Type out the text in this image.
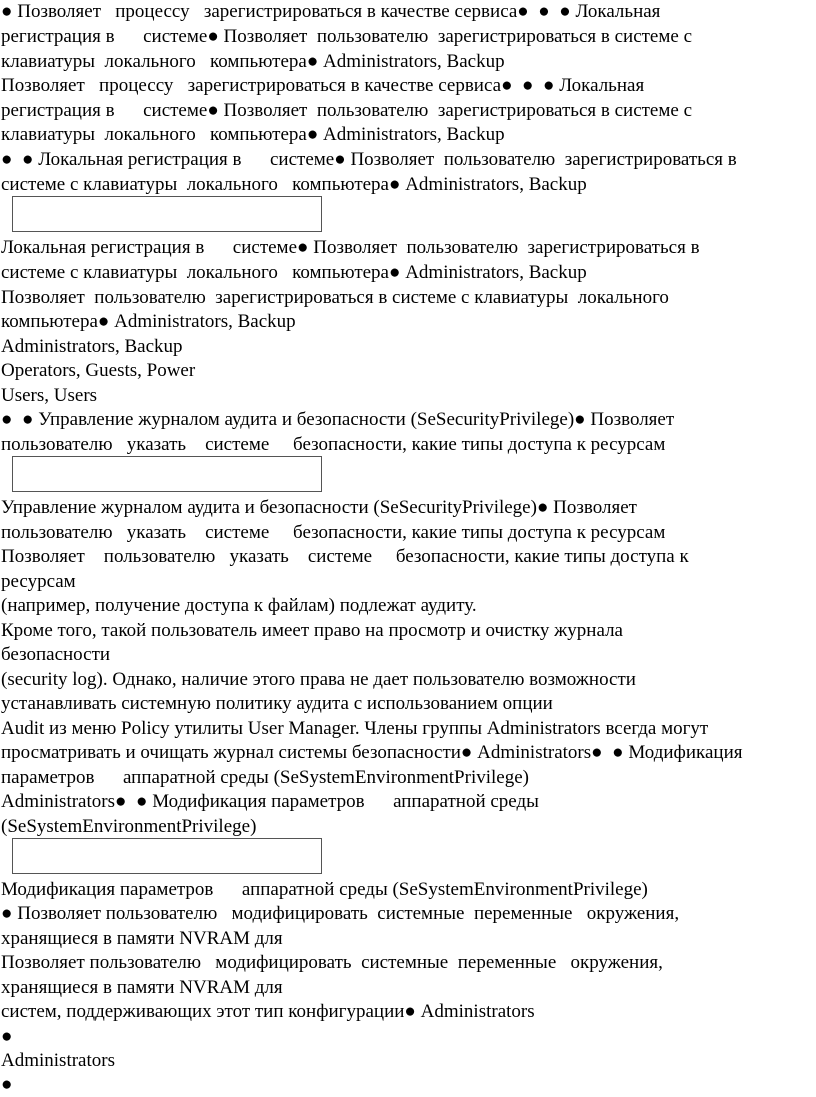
● Позволяет   процессу   зарегистрироваться в качестве сервиса●  ●  ● Локальная

регистрация в      системе● Позволяет  пользователю  зарегистрироваться в системе с

клавиатуры  локального   компьютера● Administrators, Backup

Позволяет   процессу   зарегистрироваться в качестве сервиса●  ●  ● Локальная

регистрация в      системе● Позволяет  пользователю  зарегистрироваться в системе с

клавиатуры  локального   компьютера● Administrators, Backup

●  ● Локальная регистрация в      системе● Позволяет  пользователю  зарегистрироваться в

системе с клавиатуры  локального   компьютера● Administrators, Backup

Локальная регистрация в      системе● Позволяет  пользователю  зарегистрироваться в

системе с клавиатуры  локального   компьютера● Administrators, Backup

Позволяет  пользователю  зарегистрироваться в системе с клавиатуры  локального

компьютера● Administrators, Backup

Administrators, Backup

Operators, Guests, Power

Users, Users

●  ● Управление журналом аудита и безопасности (SeSecurityPrivilege)● Позволяет

пользователю   указать    системе     безопасности, какие типы доступа к ресурсам

Управление журналом аудита и безопасности (SeSecurityPrivilege)● Позволяет

пользователю   указать    системе     безопасности, какие типы доступа к ресурсам

Позволяет    пользователю   указать    системе     безопасности, какие типы доступа к

ресурсам

(например, получение доступа к файлам) подлежат аудиту.

Кроме того, такой пользователь имеет право на просмотр и очистку журнала

безопасности

(security log). Однако, наличие этого права не дает пользователю возможности

устанавливать системную политику аудита с использованием опции

Audit из меню Policy утилиты User Manager. Члены группы Administrators всегда могут

просматривать и очищать журнал системы безопасности● Administrators●  ● Модификация

параметров      аппаратной среды (SeSystemEnvironmentPrivilege)

Administrators●  ● Модификация параметров      аппаратной среды

(SeSystemEnvironmentPrivilege)

Модификация параметров      аппаратной среды (SeSystemEnvironmentPrivilege)

● Позволяет пользователю   модифицировать  системные  переменные   окружения,

хранящиеся в памяти NVRAM для

Позволяет пользователю   модифицировать  системные  переменные   окружения,

хранящиеся в памяти NVRAM для

систем, поддерживающих этот тип конфигурации● Administrators

●

Administrators

●
